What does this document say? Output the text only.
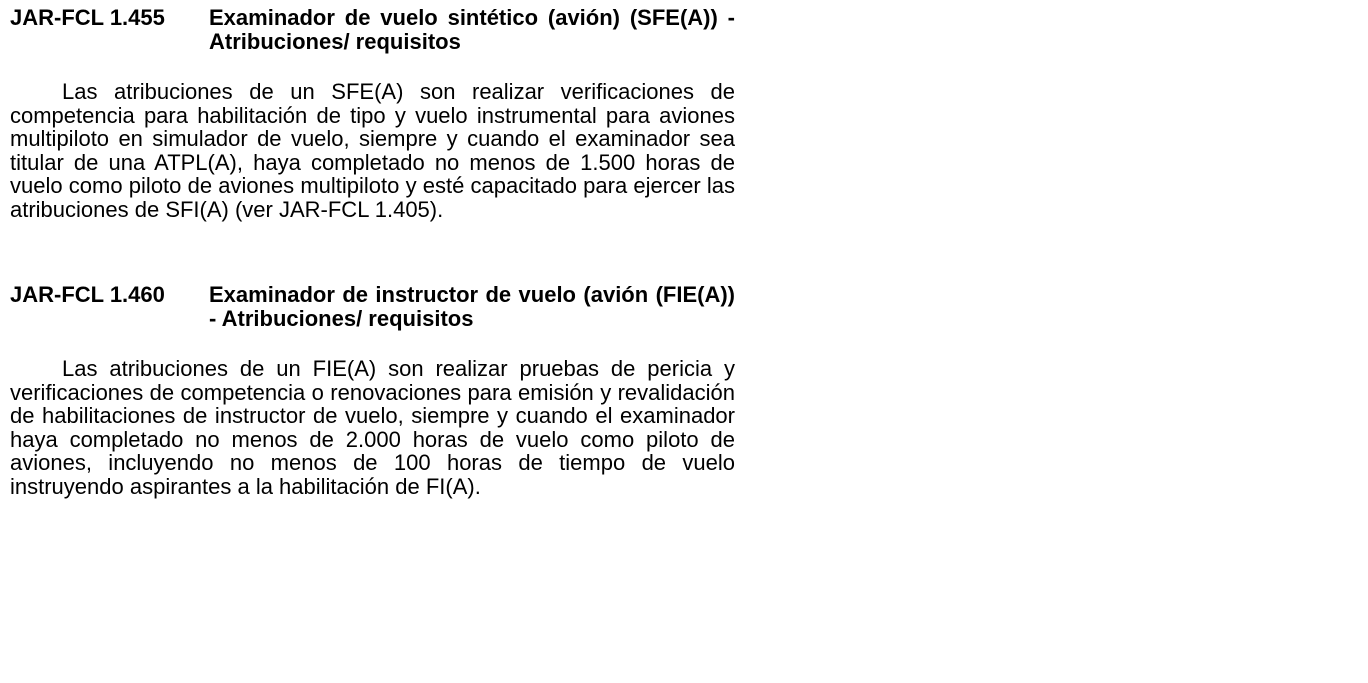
JAR-FCL 1.455	Examinador de vuelo sintético (avión) (SFE(A)) - Atribuciones/ requisitos

Las atribuciones de un SFE(A) son realizar verificaciones de competencia para habilitación de tipo y vuelo instrumental para aviones multipiloto en simulador de vuelo, siempre y cuando el examinador sea titular de una ATPL(A), haya completado no menos de 1.500 horas de vuelo como piloto de aviones multipiloto y esté capacitado para ejercer las atribuciones de SFI(A) (ver JAR-FCL 1.405).

JAR-FCL 1.460	Examinador de instructor de vuelo (avión (FIE(A)) - Atribuciones/ requisitos

Las atribuciones de un FIE(A) son realizar pruebas de pericia y verificaciones de competencia o renovaciones para emisión y revalidación de habilitaciones de instructor de vuelo, siempre y cuando el examinador haya completado no menos de 2.000 horas de vuelo como piloto de aviones, incluyendo no menos de 100 horas de tiempo de vuelo instruyendo aspirantes a la habilitación de FI(A).
